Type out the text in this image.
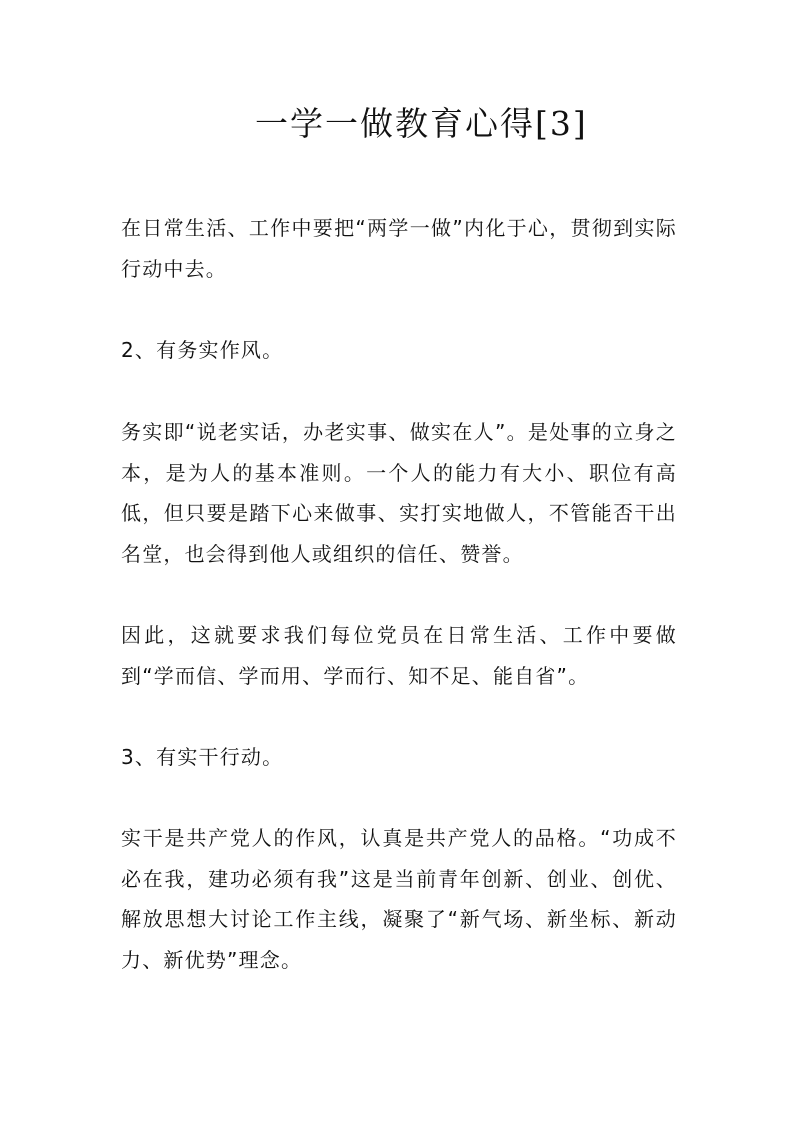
一学一做教育心得[3]
在日常生活、工作中要把“两学一做”内化于心，贯彻到实际行动中去。
2、有务实作风。
务实即“说老实话，办老实事、做实在人”。是处事的立身之本，是为人的基本准则。一个人的能力有大小、职位有高低，但只要是踏下心来做事、实打实地做人，不管能否干出名堂，也会得到他人或组织的信任、赞誉。
因此，这就要求我们每位党员在日常生活、工作中要做到“学而信、学而用、学而行、知不足、能自省”。
3、有实干行动。
实干是共产党人的作风，认真是共产党人的品格。“功成不必在我，建功必须有我”这是当前青年创新、创业、创优、解放思想大讨论工作主线，凝聚了“新气场、新坐标、新动力、新优势”理念。
